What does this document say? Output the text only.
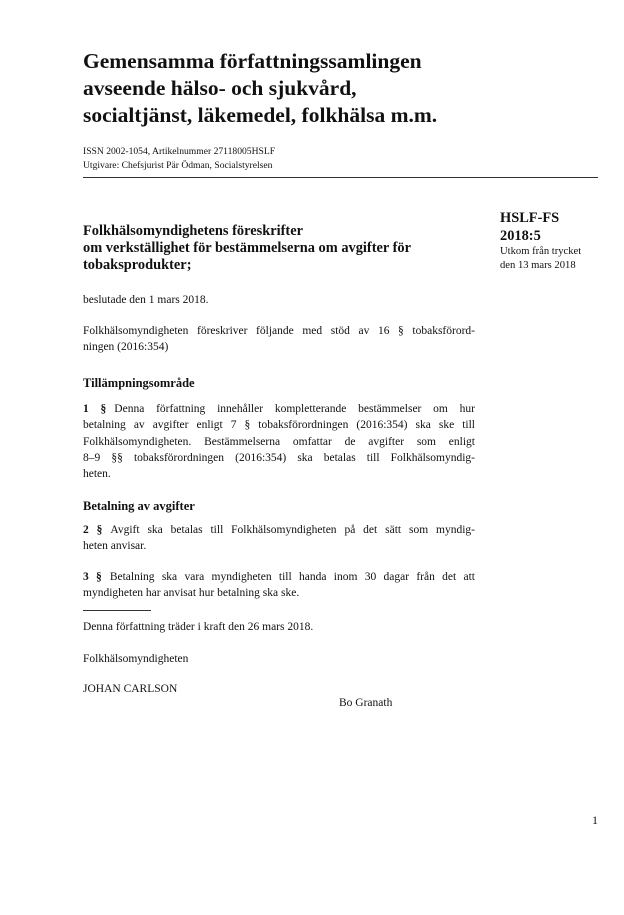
Gemensamma författningssamlingen
avseende hälso- och sjukvård,
socialtjänst, läkemedel, folkhälsa m.m.
ISSN 2002-1054, Artikelnummer 27118005HSLF
Utgivare: Chefsjurist Pär Ödman, Socialstyrelsen
HSLF-FS
2018:5
Utkom från trycket
den 13 mars 2018
Folkhälsomyndighetens föreskrifter
om verkställighet för bestämmelserna om avgifter för
tobaksprodukter;
beslutade den 1 mars 2018.
Folkhälsomyndigheten föreskriver följande med stöd av 16 § tobaksförord-
ningen (2016:354)
Tillämpningsområde
1 § Denna författning innehåller kompletterande bestämmelser om hur
betalning av avgifter enligt 7 § tobaksförordningen (2016:354) ska ske till
Folkhälsomyndigheten. Bestämmelserna omfattar de avgifter som enligt
8–9 §§ tobaksförordningen (2016:354) ska betalas till Folkhälsomyndig-
heten.
Betalning av avgifter
2 § Avgift ska betalas till Folkhälsomyndigheten på det sätt som myndig-
heten anvisar.
3 § Betalning ska vara myndigheten till handa inom 30 dagar från det att
myndigheten har anvisat hur betalning ska ske.
Denna författning träder i kraft den 26 mars 2018.
Folkhälsomyndigheten
JOHAN CARLSON
Bo Granath
1
